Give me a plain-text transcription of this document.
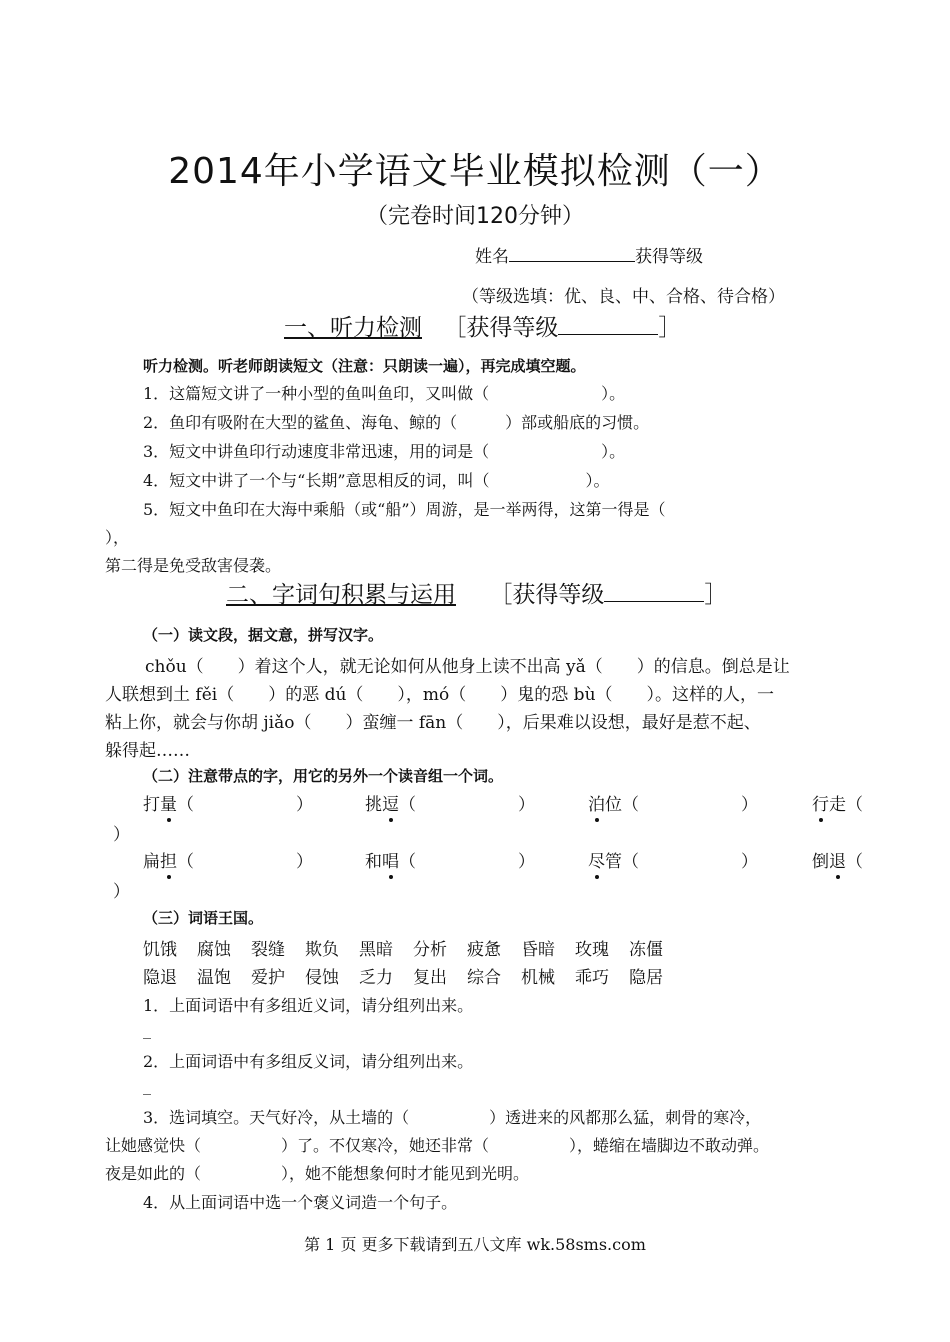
2014年小学语文毕业模拟检测（一）
（完卷时间120分钟）
姓名	获得等级
（等级选填：优、良、中、合格、待合格）
一、听力检测 ［获得等级	］
听力检测。听老师朗读短文（注意：只朗读一遍），再完成填空题。
1．这篇短文讲了一种小型的鱼叫鱼印，又叫做（　　　　　　　）。
2．鱼印有吸附在大型的鲨鱼、海龟、鲸的（　　　）部或船底的习惯。
3．短文中讲鱼印行动速度非常迅速，用的词是（　　　　　　　）。
4．短文中讲了一个与“长期”意思相反的词，叫（　　　　　　）。
5．短文中鱼印在大海中乘船（或“船”）周游，是一举两得，这第一得是（
），
第二得是免受敌害侵袭。
二、字词句积累与运用 ［获得等级	］
（一）读文段，据文意，拼写汉字。
chǒu（　　）着这个人，就无论如何从他身上读不出高 yǎ（　　）的信息。倒总是让
人联想到土 fěi（　　）的恶 dú（　　），mó（　　）鬼的恐 bù（　　）。这样的人，一
粘上你，就会与你胡 jiǎo（　　）蛮缠一 fān（　　），后果难以设想，最好是惹不起、
躲得起……
（二）注意带点的字，用它的另外一个读音组一个词。
打量（　　　　　　）	挑逗（　　　　　　）	泊位（　　　　　　）	行走（
）
扁担（　　　　　　）	和唱（　　　　　　）	尽管（　　　　　　）	倒退（
）
（三）词语王国。
饥饿 腐蚀 裂缝 欺负 黑暗 分析 疲惫 昏暗 玫瑰 冻僵
隐退 温饱 爱护 侵蚀 乏力 复出 综合 机械 乖巧 隐居
1．上面词语中有多组近义词，请分组列出来。
_
2．上面词语中有多组反义词，请分组列出来。
_
3．选词填空。天气好冷，从土墙的（　　　　　）透进来的风都那么猛，刺骨的寒冷，
让她感觉快（　　　　　）了。不仅寒冷，她还非常（　　　　　），蜷缩在墙脚边不敢动弹。
夜是如此的（　　　　　），她不能想象何时才能见到光明。
4．从上面词语中选一个褒义词造一个句子。
第 1 页 更多下载请到五八文库 wk.58sms.com
